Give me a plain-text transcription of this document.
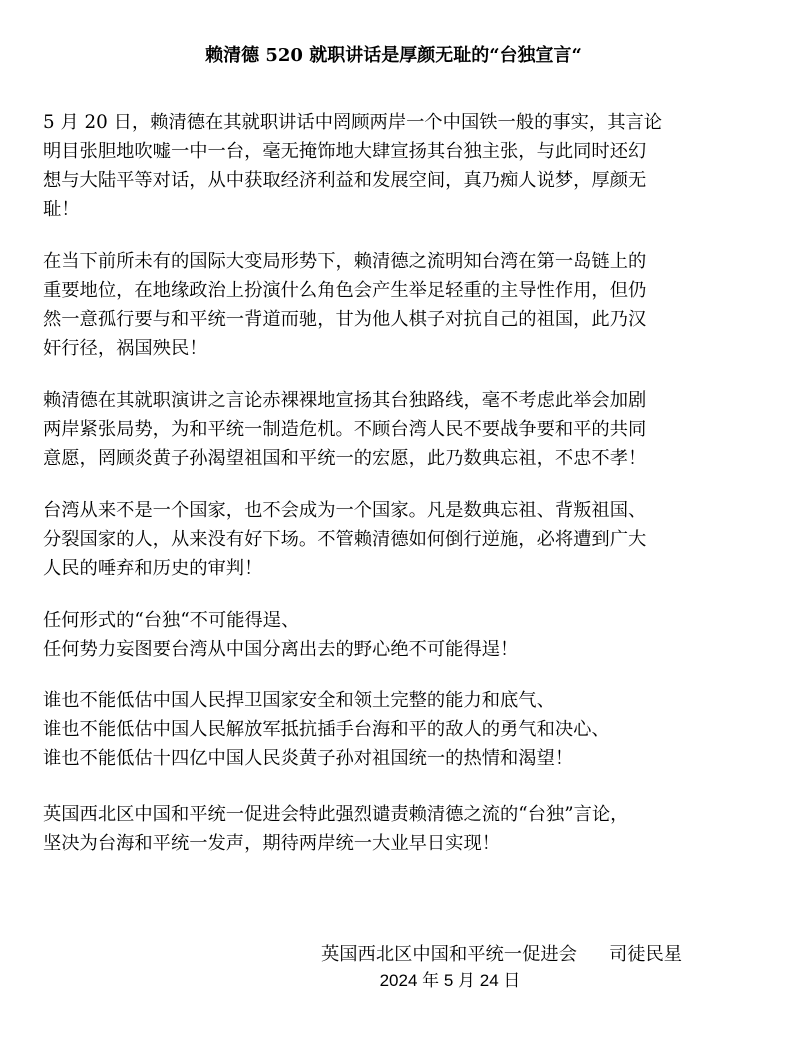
赖清德 520 就职讲话是厚颜无耻的“台独宣言“
5 月 20 日，赖清德在其就职讲话中罔顾两岸一个中国铁一般的事实，其言论
明目张胆地吹嘘一中一台，毫无掩饰地大肆宣扬其台独主张，与此同时还幻
想与大陆平等对话，从中获取经济利益和发展空间，真乃痴人说梦，厚颜无
耻！
在当下前所未有的国际大变局形势下，赖清德之流明知台湾在第一岛链上的
重要地位，在地缘政治上扮演什么角色会产生举足轻重的主导性作用，但仍
然一意孤行要与和平统一背道而驰，甘为他人棋子对抗自己的祖国，此乃汉
奸行径，祸国殃民！
赖清德在其就职演讲之言论赤裸裸地宣扬其台独路线，毫不考虑此举会加剧
两岸紧张局势，为和平统一制造危机。不顾台湾人民不要战争要和平的共同
意愿，罔顾炎黄子孙渴望祖国和平统一的宏愿，此乃数典忘祖，不忠不孝！
台湾从来不是一个国家，也不会成为一个国家。凡是数典忘祖、背叛祖国、
分裂国家的人，从来没有好下场。不管赖清德如何倒行逆施，必将遭到广大
人民的唾弃和历史的审判！
任何形式的“台独“不可能得逞、
任何势力妄图要台湾从中国分离出去的野心绝不可能得逞！
谁也不能低估中国人民捍卫国家安全和领土完整的能力和底气、
谁也不能低估中国人民解放军抵抗插手台海和平的敌人的勇气和决心、
谁也不能低估十四亿中国人民炎黄子孙对祖国统一的热情和渴望！
英国西北区中国和平统一促进会特此强烈谴责赖清德之流的“台独”言论，
坚决为台海和平统一发声，期待两岸统一大业早日实现！
英国西北区中国和平统一促进会 司徒民星
2024 年 5 月 24 日
